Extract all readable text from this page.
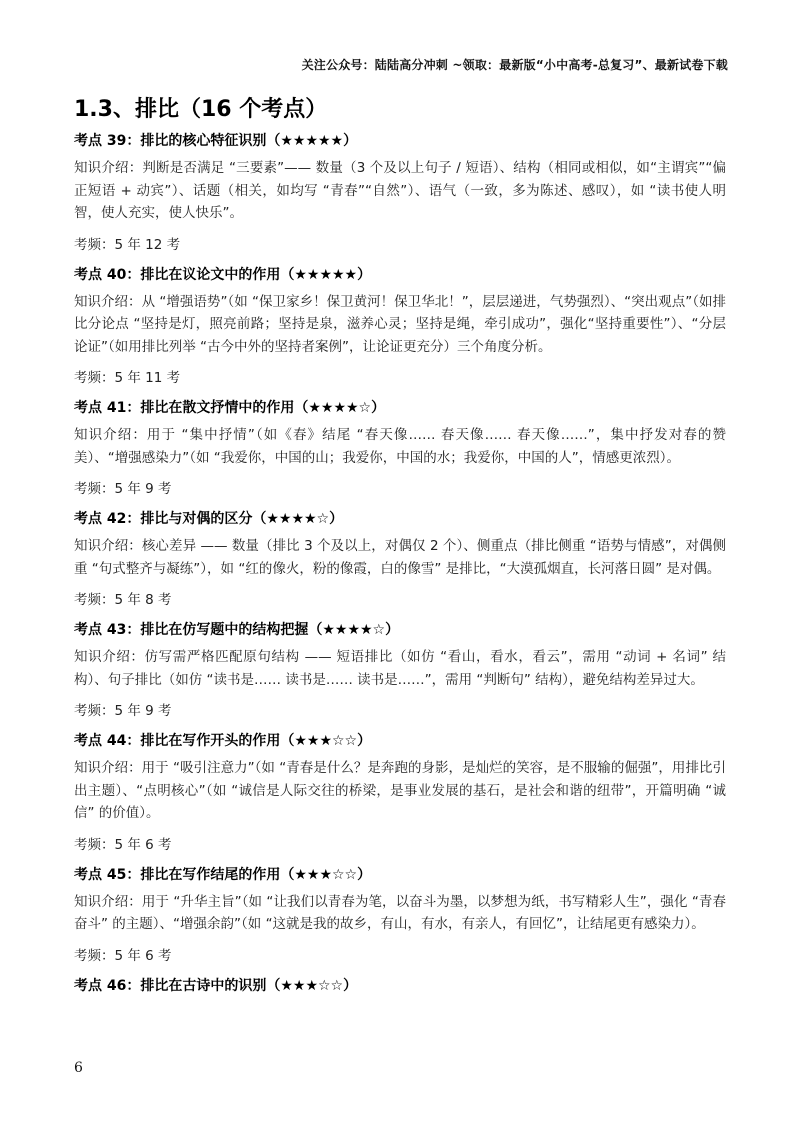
关注公众号：陆陆高分冲刺 ~领取：最新版“小中高考-总复习”、最新试卷下载
1.3、排比（16 个考点）

考点 39：排比的核心特征识别（★★★★★）

知识介绍：判断是否满足 “三要素”—— 数量（3 个及以上句子 / 短语）、结构（相同或相似，如“主谓宾”“偏正短语 + 动宾”）、话题（相关，如均写 “青春”“自然”）、语气（一致，多为陈述、感叹），如 “读书使人明智，使人充实，使人快乐”。

考频：5 年 12 考

考点 40：排比在议论文中的作用（★★★★★）

知识介绍：从 “增强语势”（如 “保卫家乡！保卫黄河！保卫华北！”，层层递进，气势强烈）、“突出观点”（如排比分论点 “坚持是灯，照亮前路；坚持是泉，滋养心灵；坚持是绳，牵引成功”，强化“坚持重要性”）、“分层论证”（如用排比列举 “古今中外的坚持者案例”，让论证更充分）三个角度分析。

考频：5 年 11 考

考点 41：排比在散文抒情中的作用（★★★★☆）

知识介绍：用于 “集中抒情”（如《春》结尾 “春天像…… 春天像…… 春天像……”，集中抒发对春的赞美）、“增强感染力”（如 “我爱你，中国的山；我爱你，中国的水；我爱你，中国的人”，情感更浓烈）。

考频：5 年 9 考

考点 42：排比与对偶的区分（★★★★☆）

知识介绍：核心差异 —— 数量（排比 3 个及以上，对偶仅 2 个）、侧重点（排比侧重 “语势与情感”，对偶侧重 “句式整齐与凝练”），如 “红的像火，粉的像霞，白的像雪” 是排比，“大漠孤烟直，长河落日圆” 是对偶。

考频：5 年 8 考

考点 43：排比在仿写题中的结构把握（★★★★☆）

知识介绍：仿写需严格匹配原句结构 —— 短语排比（如仿 “看山，看水，看云”，需用 “动词 + 名词” 结构）、句子排比（如仿 “读书是…… 读书是…… 读书是……”，需用 “判断句” 结构），避免结构差异过大。

考频：5 年 9 考

考点 44：排比在写作开头的作用（★★★☆☆）

知识介绍：用于 “吸引注意力”（如 “青春是什么？是奔跑的身影，是灿烂的笑容，是不服输的倔强”，用排比引出主题）、“点明核心”（如 “诚信是人际交往的桥梁，是事业发展的基石，是社会和谐的纽带”，开篇明确 “诚信” 的价值）。

考频：5 年 6 考

考点 45：排比在写作结尾的作用（★★★☆☆）

知识介绍：用于 “升华主旨”（如 “让我们以青春为笔，以奋斗为墨，以梦想为纸，书写精彩人生”，强化 “青春奋斗” 的主题）、“增强余韵”（如 “这就是我的故乡，有山，有水，有亲人，有回忆”，让结尾更有感染力）。

考频：5 年 6 考

考点 46：排比在古诗中的识别（★★★☆☆）

6
